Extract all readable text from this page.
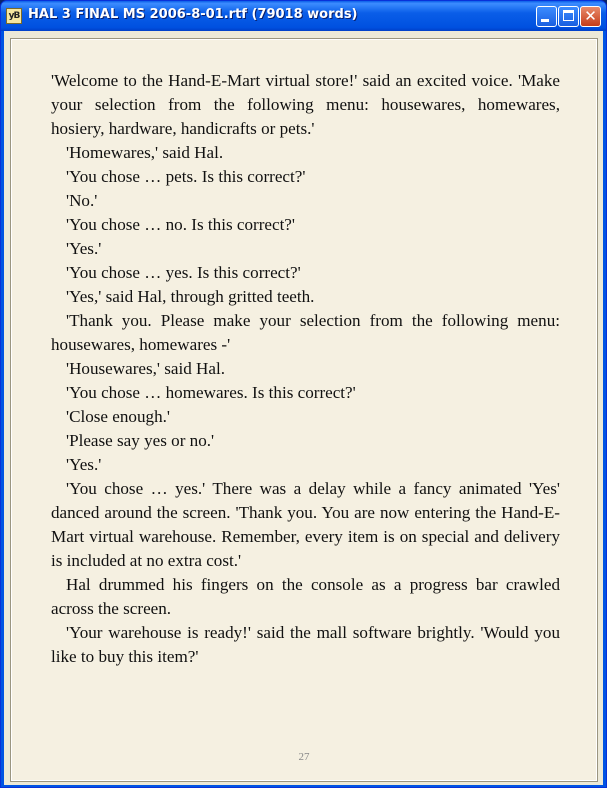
yB HAL 3 FINAL MS 2006-8-01.rtf (79018 words)	✕

'Welcome to the Hand-E-Mart virtual store!' said an excited voice. 'Make your selection from the following menu: housewares, homewares, hosiery, hardware, handicrafts or pets.'

'Homewares,' said Hal.

'You chose … pets. Is this correct?'

'No.'

'You chose … no. Is this correct?'

'Yes.'

'You chose … yes. Is this correct?'

'Yes,' said Hal, through gritted teeth.

'Thank you. Please make your selection from the following menu: housewares, homewares -'

'Housewares,' said Hal.

'You chose … homewares. Is this correct?'

'Close enough.'

'Please say yes or no.'

'Yes.'

'You chose … yes.' There was a delay while a fancy animated 'Yes' danced around the screen. 'Thank you. You are now entering the Hand-E-Mart virtual warehouse. Remember, every item is on special and delivery is included at no extra cost.'

Hal drummed his fingers on the console as a progress bar crawled across the screen.

'Your warehouse is ready!' said the mall software brightly. 'Would you like to buy this item?'

27
